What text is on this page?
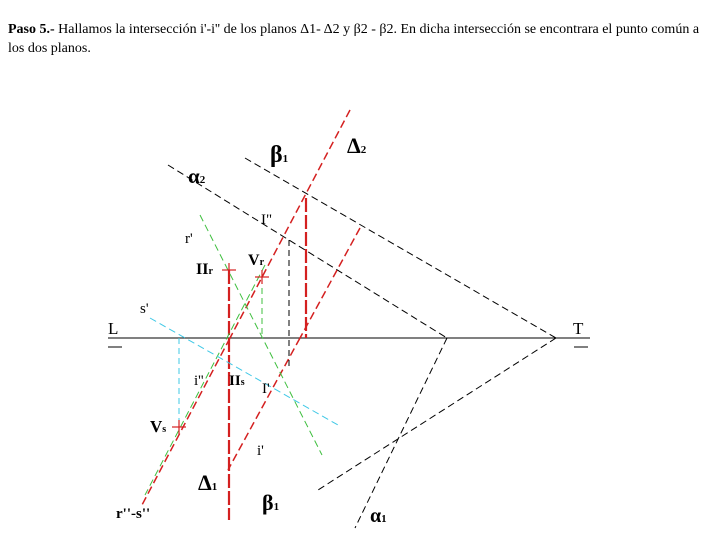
Paso 5.- Hallamos la intersección i'-i'' de los planos Δ1- Δ2 y β2 - β2. En dicha intersección se encontrara el punto común a los dos planos.
β1
Δ2
α2
I"
r'
IIr
Vr
s'
L	T
i'' IIs I'
Vs
i'
Δ1
β1
r''-s''	α1
